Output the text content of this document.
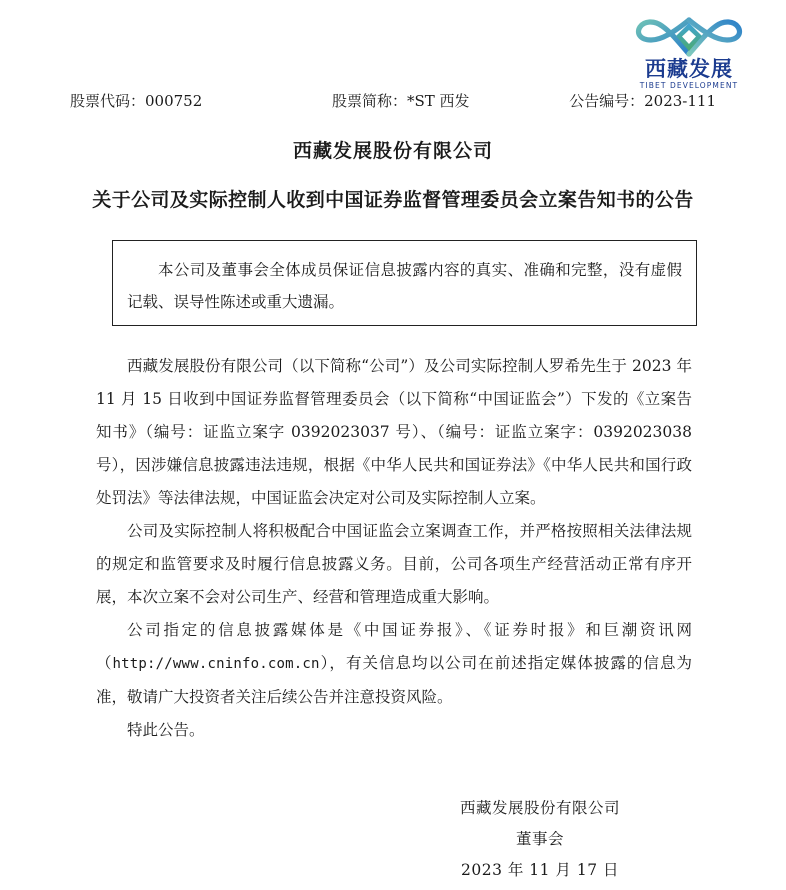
西藏发展
TIBET DEVELOPMENT
股票代码：000752	股票简称：*ST 西发	公告编号：2023-111
西藏发展股份有限公司
关于公司及实际控制人收到中国证券监督管理委员会立案告知书的公告
本公司及董事会全体成员保证信息披露内容的真实、准确和完整，没有虚假记载、误导性陈述或重大遗漏。

西藏发展股份有限公司（以下简称“公司”）及公司实际控制人罗希先生于 2023 年 11 月 15 日收到中国证券监督管理委员会（以下简称“中国证监会”）下发的《立案告知书》（编号：证监立案字 0392023037 号）、（编号：证监立案字：0392023038 号），因涉嫌信息披露违法违规，根据《中华人民共和国证券法》《中华人民共和国行政处罚法》等法律法规，中国证监会决定对公司及实际控制人立案。

公司及实际控制人将积极配合中国证监会立案调查工作，并严格按照相关法律法规的规定和监管要求及时履行信息披露义务。目前，公司各项生产经营活动正常有序开展，本次立案不会对公司生产、经营和管理造成重大影响。

公司指定的信息披露媒体是《中国证券报》、《证券时报》和巨潮资讯网（http://www.cninfo.com.cn），有关信息均以公司在前述指定媒体披露的信息为准，敬请广大投资者关注后续公告并注意投资风险。

特此公告。

西藏发展股份有限公司
董事会
2023 年 11 月 17 日
